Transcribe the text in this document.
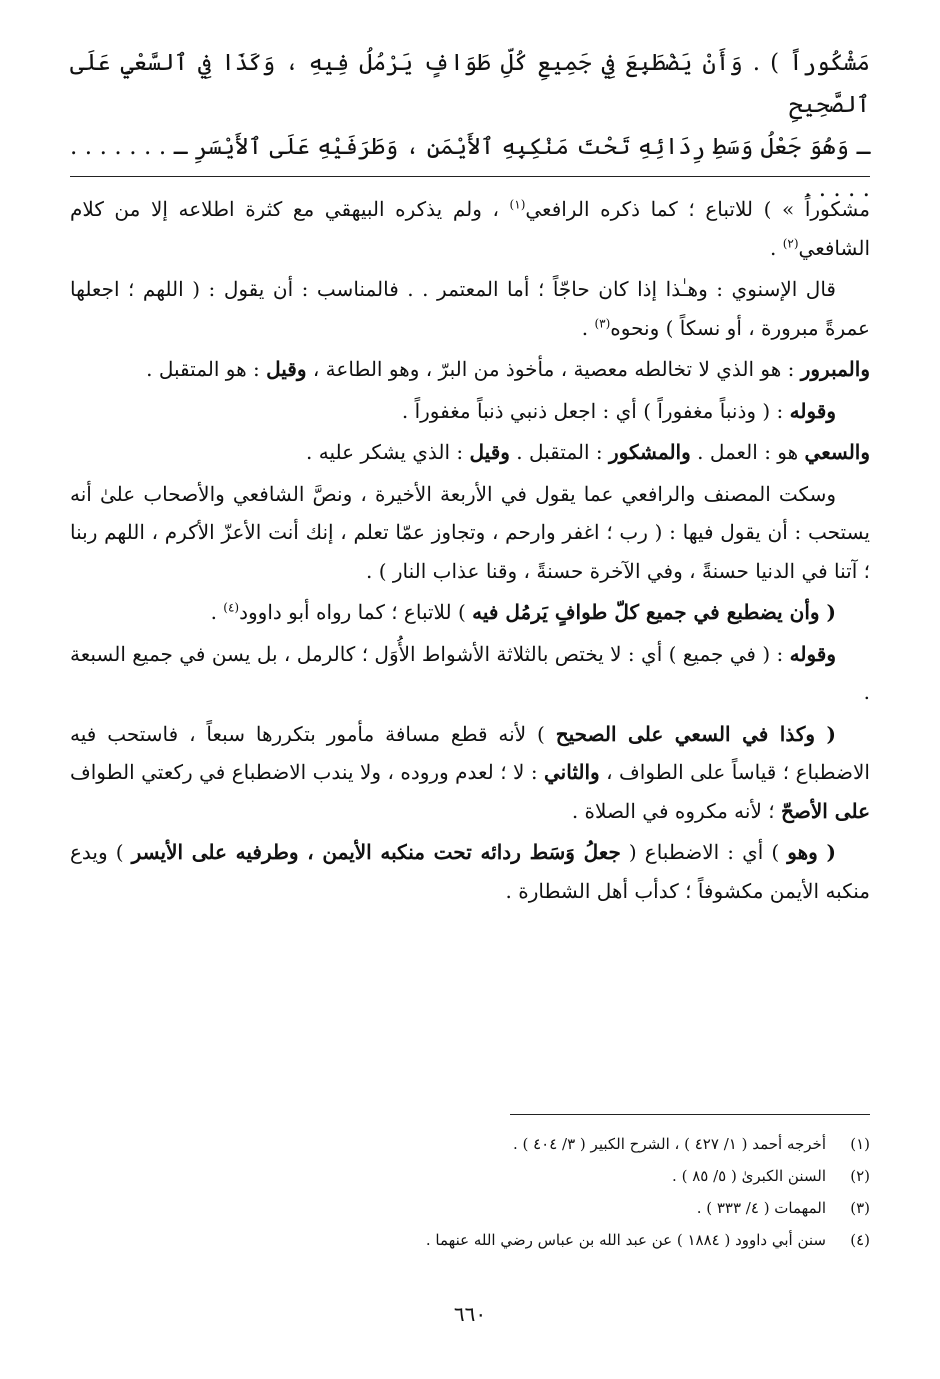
مَشْكُوراً ) . وَأَنْ يَضْطَبِعَ فِي جَمِيعِ كُلِّ طَوَافٍ يَرْمُلُ فِيهِ ، وَكَذَا فِي ٱلسَّعْيِ عَلَى ٱلصَّحِيحِ
ـ وَهُوَ جَعْلُ وَسَطِ رِدَائِهِ تَحْتَ مَنْكِبِهِ ٱلأَيْمَنِ ، وَطَرَفَيْهِ عَلَى ٱلأَيْسَرِ ـ . . . . . . . . . . . .

مشكوراً » ) للاتباع ؛ كما ذكره الرافعي$^{(١)}$ ، ولم يذكره البيهقي مع كثرة اطلاعه إلا من كلام الشافعي$^{(٢)}$ .

قال الإسنوي : وهـٰذا إذا كان حاجّاً ؛ أما المعتمر . . فالمناسب : أن يقول : ( اللهم ؛ اجعلها عمرةً مبرورة ، أو نسكاً ) ونحوه$^{(٣)}$ .

والمبرور : هو الذي لا تخالطه معصية ، مأخوذ من البرّ ، وهو الطاعة ، وقيل : هو المتقبل .

وقوله : ( وذنباً مغفوراً ) أي : اجعل ذنبي ذنباً مغفوراً .

والسعي هو : العمل . والمشكور : المتقبل . وقيل : الذي يشكر عليه .

وسكت المصنف والرافعي عما يقول في الأربعة الأخيرة ، ونصَّ الشافعي والأصحاب علىٰ أنه يستحب : أن يقول فيها : ( رب ؛ اغفر وارحم ، وتجاوز عمّا تعلم ، إنك أنت الأعزّ الأكرم ، اللهم ربنا ؛ آتنا في الدنيا حسنةً ، وفي الآخرة حسنةً ، وقنا عذاب النار ) .

( وأن يضطبع في جميع كلّ طوافٍ يَرمُل فيه ) للاتباع ؛ كما رواه أبو داوود$^{(٤)}$ .

وقوله : ( في جميع ) أي : لا يختص بالثلاثة الأشواط الأُوَل ؛ كالرمل ، بل يسن في جميع السبعة .

( وكذا في السعي على الصحيح ) لأنه قطع مسافة مأمور بتكررها سبعاً ، فاستحب فيه الاضطباع ؛ قياساً على الطواف ، والثاني : لا ؛ لعدم وروده ، ولا يندب الاضطباع في ركعتي الطواف على الأصحّ ؛ لأنه مكروه في الصلاة .

( وهو ) أي : الاضطباع ( جعلُ وَسَط ردائه تحت منكبه الأيمن ، وطرفيه على الأيسر ) ويدع منكبه الأيمن مكشوفاً ؛ كدأب أهل الشطارة .

(١)
أخرجه أحمد ( ١/ ٤٢٧ ) ، الشرح الكبير ( ٣/ ٤٠٤ ) .
(٢)
السنن الكبرىٰ ( ٥/ ٨٥ ) .
(٣)
المهمات ( ٤/ ٣٣٣ ) .
(٤)
سنن أبي داوود ( ١٨٨٤ ) عن عبد الله بن عباس رضي الله عنهما .
٦٦٠
